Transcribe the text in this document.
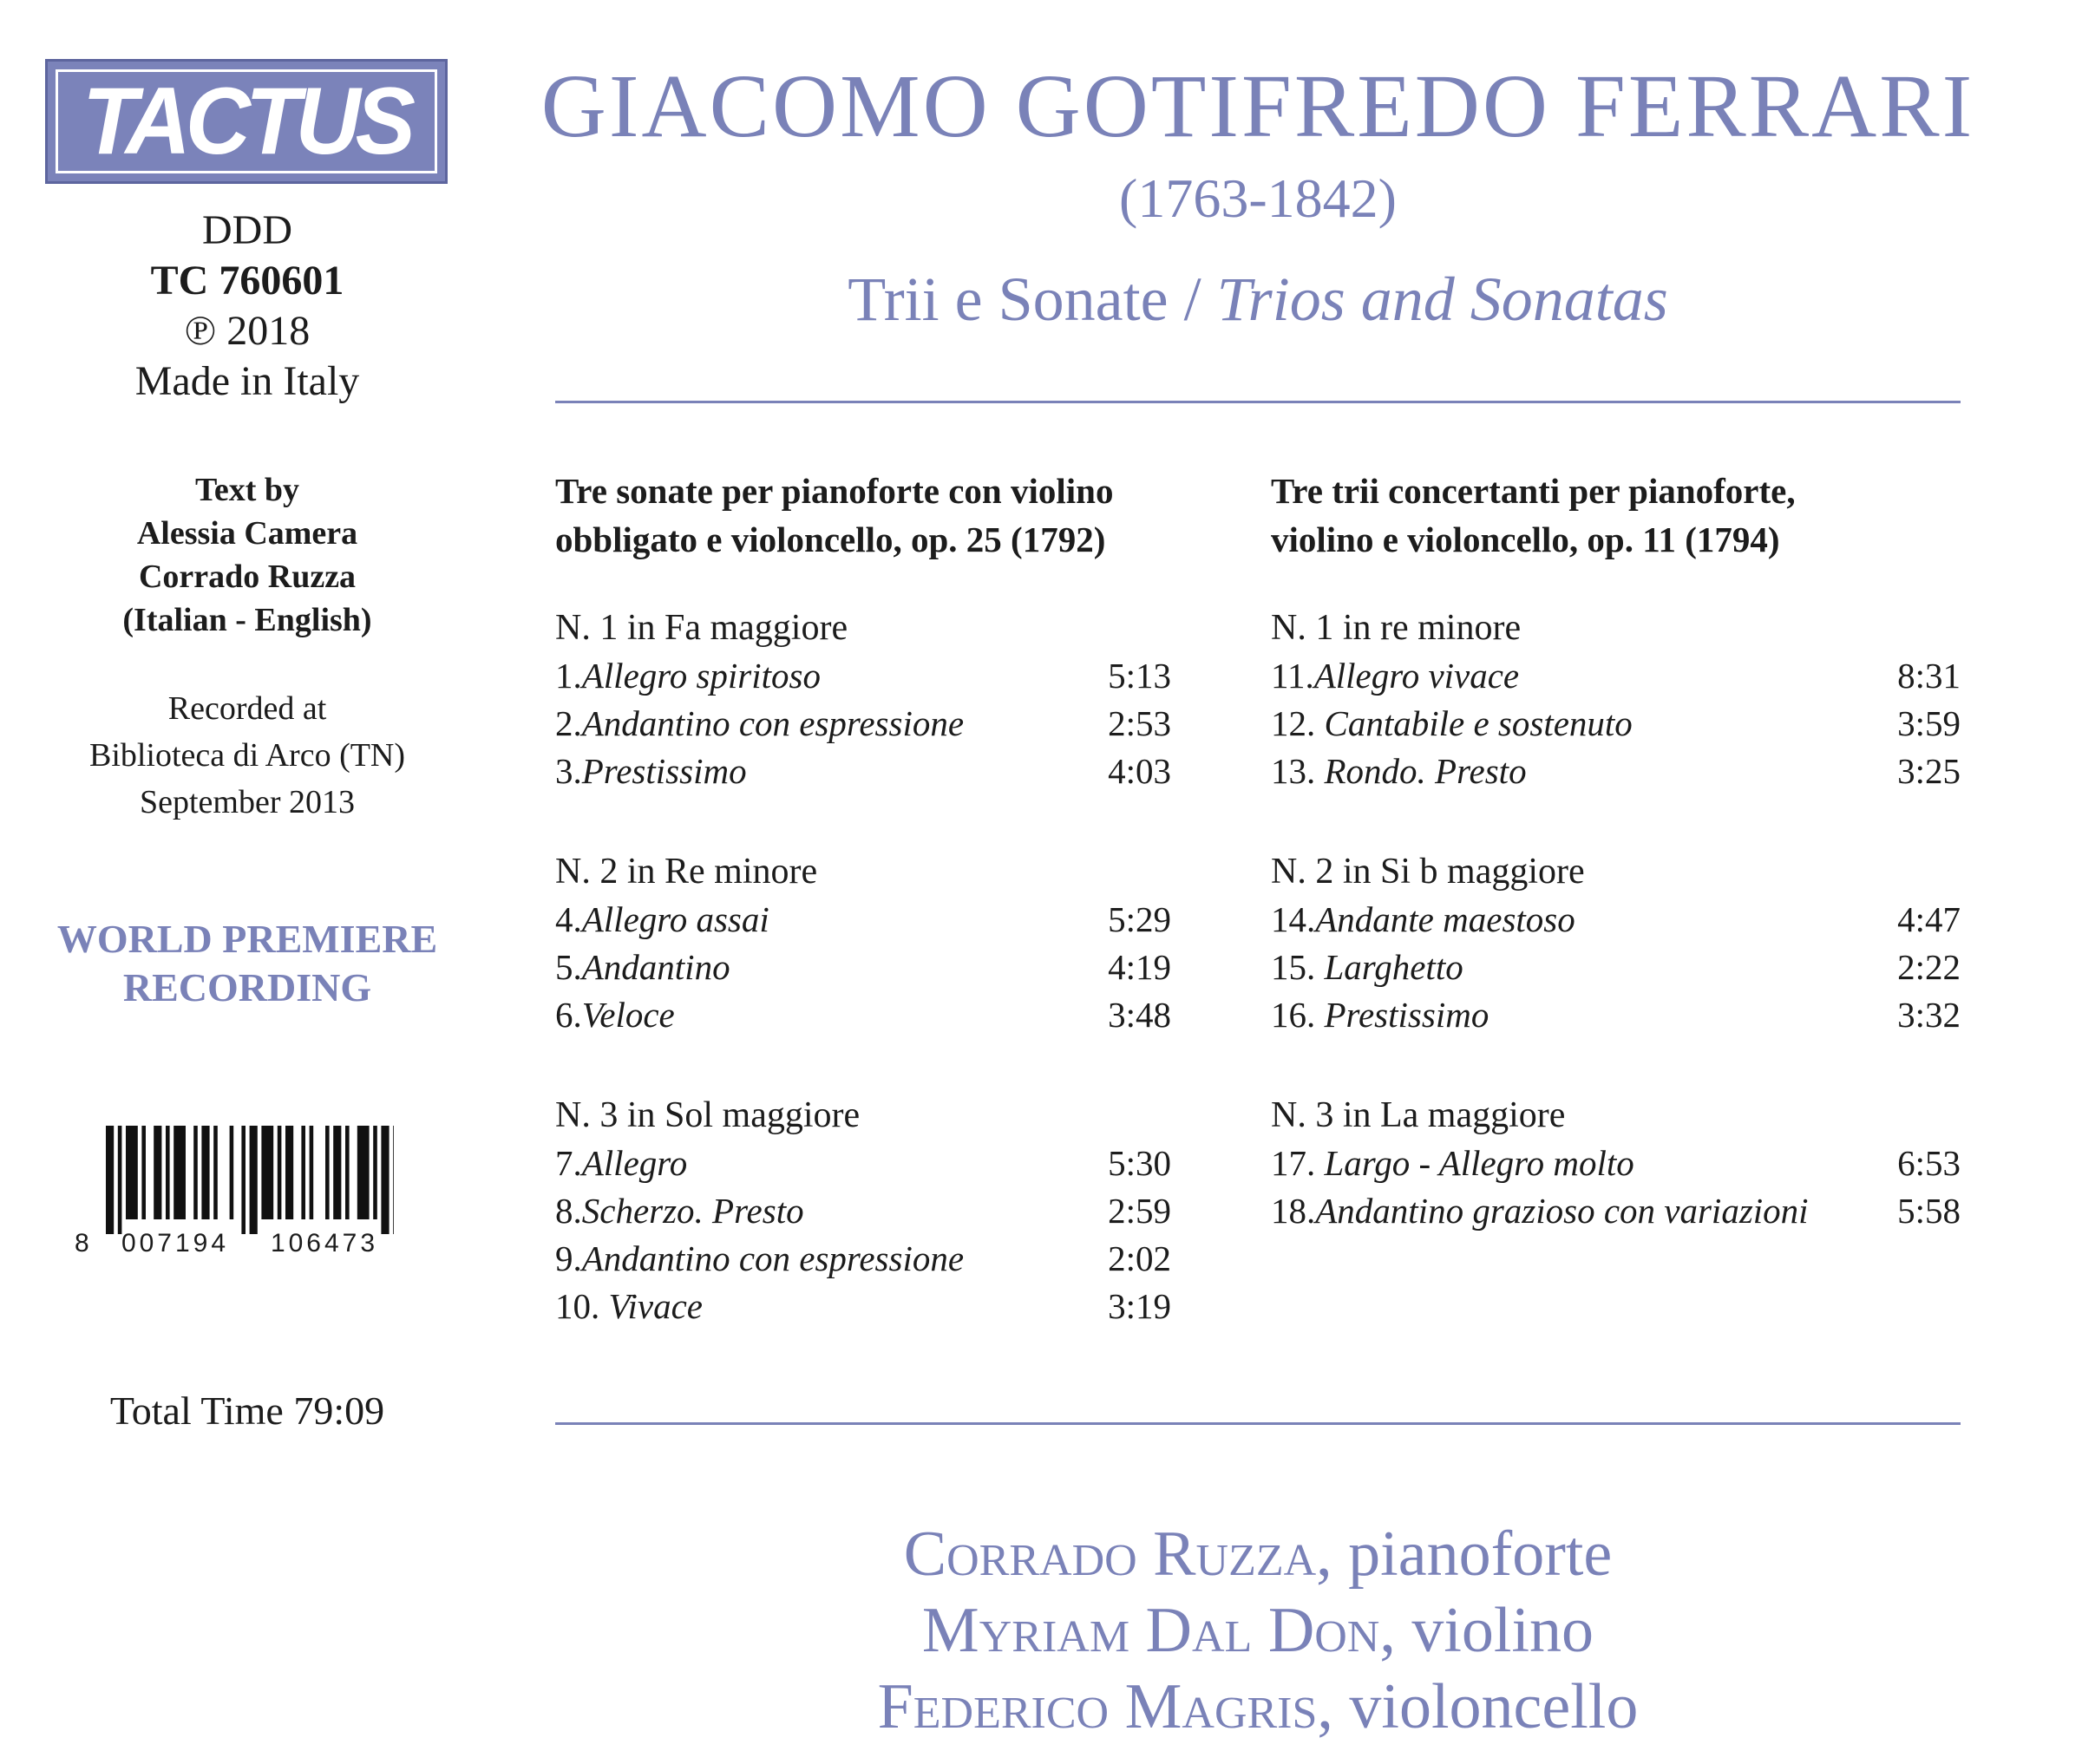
TACTUS
DDD
TC 760601
℗ 2018
Made in Italy
Text by
Alessia Camera
Corrado Ruzza
(Italian - English)
Recorded at
Biblioteca di Arco (TN)
September 2013
WORLD PREMIERE
RECORDING
8 007194 106473
Total Time 79:09
GIACOMO GOTIFREDO FERRARI
(1763-1842)
Trii e Sonate / Trios and Sonatas
Tre sonate per pianoforte con violino
obbligato e violoncello, op. 25 (1792)
N. 1 in Fa maggiore
1. Allegro spiritoso	5:13
2. Andantino con espressione	2:53
3. Prestissimo	4:03
N. 2 in Re minore
4. Allegro assai	5:29
5. Andantino	4:19
6. Veloce	3:48
N. 3 in Sol maggiore
7. Allegro	5:30
8. Scherzo. Presto	2:59
9. Andantino con espressione	2:02
10. Vivace	3:19
Tre trii concertanti per pianoforte,
violino e violoncello, op. 11 (1794)
N. 1 in re minore
11. Allegro vivace	8:31
12. Cantabile e sostenuto	3:59
13. Rondo. Presto	3:25
N. 2 in Si b maggiore
14. Andante maestoso	4:47
15. Larghetto	2:22
16. Prestissimo	3:32
N. 3 in La maggiore
17. Largo - Allegro molto	6:53
18. Andantino grazioso con variazioni	5:58
Corrado Ruzza, pianoforte
Myriam Dal Don, violino
Federico Magris, violoncello
